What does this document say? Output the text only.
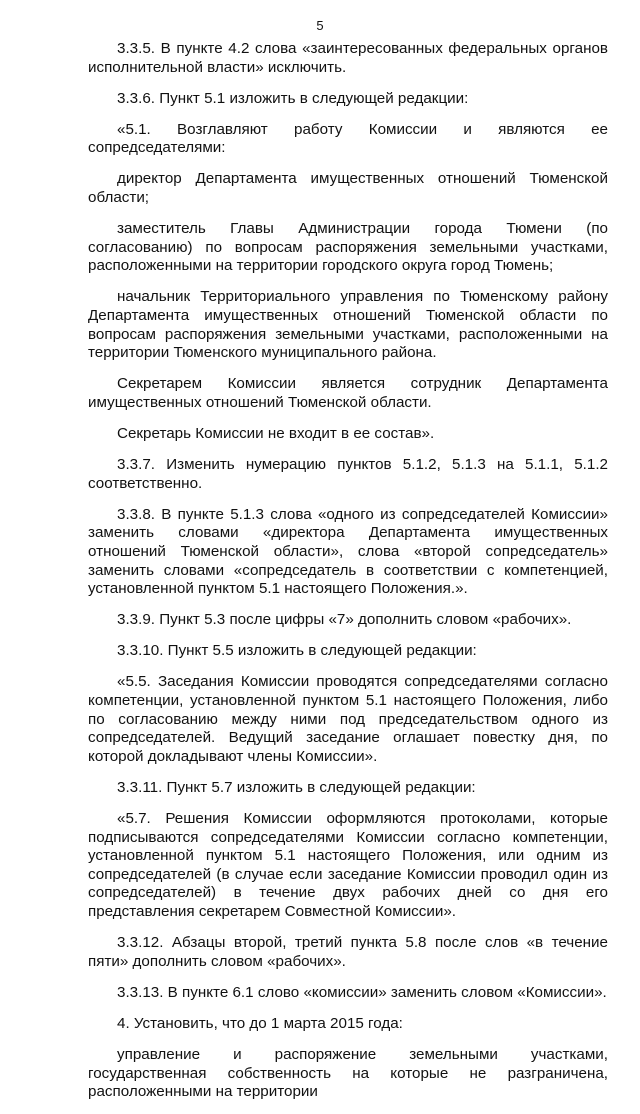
5

3.3.5. В пункте 4.2 слова «заинтересованных федеральных органов исполнительной власти» исключить.

3.3.6. Пункт 5.1 изложить в следующей редакции:

«5.1. Возглавляют работу Комиссии и являются ее сопредседателями:

директор Департамента имущественных отношений Тюменской области;

заместитель Главы Администрации города Тюмени (по согласованию) по вопросам распоряжения земельными участками, расположенными на территории городского округа город Тюмень;

начальник Территориального управления по Тюменскому району Департамента имущественных отношений Тюменской области по вопросам распоряжения земельными участками, расположенными на территории Тюменского муниципального района.

Секретарем Комиссии является сотрудник Департамента имущественных отношений Тюменской области.

Секретарь Комиссии не входит в ее состав».

3.3.7. Изменить нумерацию пунктов 5.1.2, 5.1.3 на 5.1.1, 5.1.2 соответственно.

3.3.8. В пункте 5.1.3 слова «одного из сопредседателей Комиссии» заменить словами «директора Департамента имущественных отношений Тюменской области», слова «второй сопредседатель» заменить словами «сопредседатель в соответствии с компетенцией, установленной пунктом 5.1 настоящего Положения.».

3.3.9. Пункт 5.3 после цифры «7» дополнить словом «рабочих».

3.3.10. Пункт 5.5 изложить в следующей редакции:

«5.5. Заседания Комиссии проводятся сопредседателями согласно компетенции, установленной пунктом 5.1 настоящего Положения, либо по согласованию между ними под председательством одного из сопредседателей. Ведущий заседание оглашает повестку дня, по которой докладывают члены Комиссии».

3.3.11. Пункт 5.7 изложить в следующей редакции:

«5.7. Решения Комиссии оформляются протоколами, которые подписываются сопредседателями Комиссии согласно компетенции, установленной пунктом 5.1 настоящего Положения, или одним из сопредседателей (в случае если заседание Комиссии проводил один из сопредседателей) в течение двух рабочих дней со дня его представления секретарем Совместной Комиссии».

3.3.12. Абзацы второй, третий пункта 5.8 после слов «в течение пяти» дополнить словом «рабочих».

3.3.13. В пункте 6.1 слово «комиссии» заменить словом «Комиссии».

4. Установить, что до 1 марта 2015 года:

управление и распоряжение земельными участками, государственная собственность на которые не разграничена, расположенными на территории
